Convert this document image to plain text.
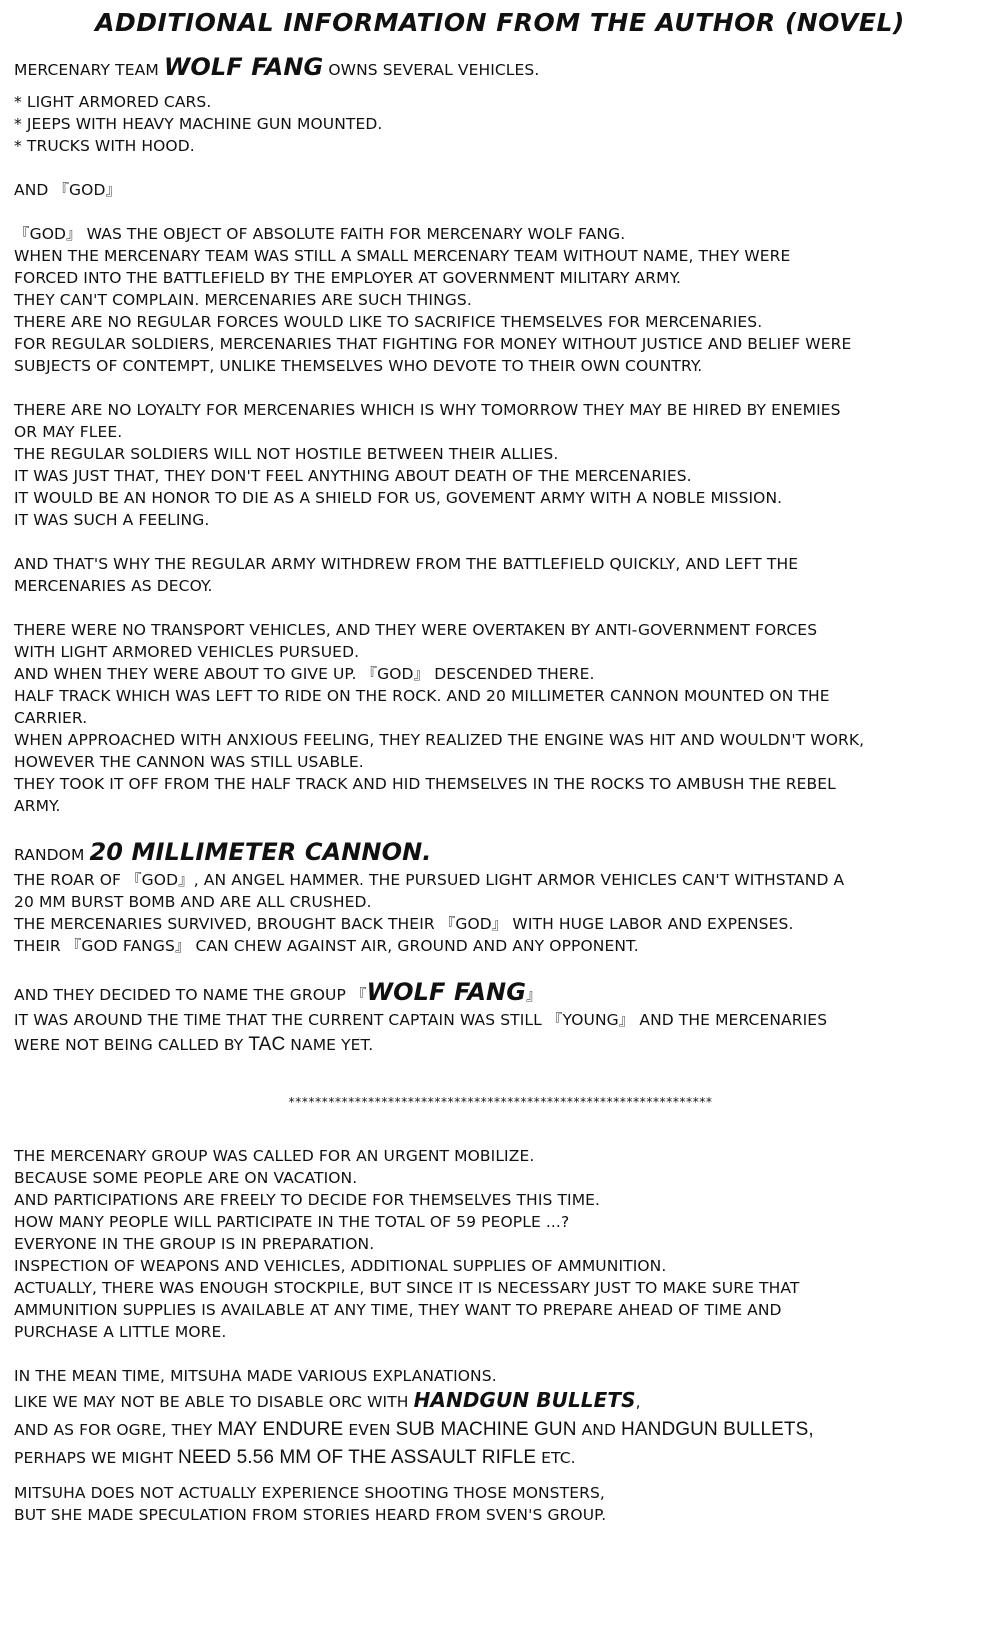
ADDITIONAL INFORMATION FROM THE AUTHOR (NOVEL)
MERCENARY TEAM WOLF FANG OWNS SEVERAL VEHICLES.
* LIGHT ARMORED CARS.
* JEEPS WITH HEAVY MACHINE GUN MOUNTED.
* TRUCKS WITH HOOD.
AND 『GOD』
『GOD』 WAS THE OBJECT OF ABSOLUTE FAITH FOR MERCENARY WOLF FANG.
WHEN THE MERCENARY TEAM WAS STILL A SMALL MERCENARY TEAM WITHOUT NAME, THEY WERE
FORCED INTO THE BATTLEFIELD BY THE EMPLOYER AT GOVERNMENT MILITARY ARMY.
THEY CAN'T COMPLAIN. MERCENARIES ARE SUCH THINGS.
THERE ARE NO REGULAR FORCES WOULD LIKE TO SACRIFICE THEMSELVES FOR MERCENARIES.
FOR REGULAR SOLDIERS, MERCENARIES THAT FIGHTING FOR MONEY WITHOUT JUSTICE AND BELIEF WERE
SUBJECTS OF CONTEMPT, UNLIKE THEMSELVES WHO DEVOTE TO THEIR OWN COUNTRY.
THERE ARE NO LOYALTY FOR MERCENARIES WHICH IS WHY TOMORROW THEY MAY BE HIRED BY ENEMIES
OR MAY FLEE.
THE REGULAR SOLDIERS WILL NOT HOSTILE BETWEEN THEIR ALLIES.
IT WAS JUST THAT, THEY DON'T FEEL ANYTHING ABOUT DEATH OF THE MERCENARIES.
IT WOULD BE AN HONOR TO DIE AS A SHIELD FOR US, GOVEMENT ARMY WITH A NOBLE MISSION.
IT WAS SUCH A FEELING.
AND THAT'S WHY THE REGULAR ARMY WITHDREW FROM THE BATTLEFIELD QUICKLY, AND LEFT THE
MERCENARIES AS DECOY.
THERE WERE NO TRANSPORT VEHICLES, AND THEY WERE OVERTAKEN BY ANTI-GOVERNMENT FORCES
WITH LIGHT ARMORED VEHICLES PURSUED.
AND WHEN THEY WERE ABOUT TO GIVE UP. 『GOD』 DESCENDED THERE.
HALF TRACK WHICH WAS LEFT TO RIDE ON THE ROCK. AND 20 MILLIMETER CANNON MOUNTED ON THE
CARRIER.
WHEN APPROACHED WITH ANXIOUS FEELING, THEY REALIZED THE ENGINE WAS HIT AND WOULDN'T WORK,
HOWEVER THE CANNON WAS STILL USABLE.
THEY TOOK IT OFF FROM THE HALF TRACK AND HID THEMSELVES IN THE ROCKS TO AMBUSH THE REBEL
ARMY.
RANDOM 20 MILLIMETER CANNON.
THE ROAR OF 『GOD』, AN ANGEL HAMMER. THE PURSUED LIGHT ARMOR VEHICLES CAN'T WITHSTAND A
20 MM BURST BOMB AND ARE ALL CRUSHED.
THE MERCENARIES SURVIVED, BROUGHT BACK THEIR 『GOD』 WITH HUGE LABOR AND EXPENSES.
THEIR 『GOD FANGS』 CAN CHEW AGAINST AIR, GROUND AND ANY OPPONENT.
AND THEY DECIDED TO NAME THE GROUP 『WOLF FANG』
IT WAS AROUND THE TIME THAT THE CURRENT CAPTAIN WAS STILL 『YOUNG』 AND THE MERCENARIES
WERE NOT BEING CALLED BY TAC NAME YET.
****************************************************************
THE MERCENARY GROUP WAS CALLED FOR AN URGENT MOBILIZE.
BECAUSE SOME PEOPLE ARE ON VACATION.
AND PARTICIPATIONS ARE FREELY TO DECIDE FOR THEMSELVES THIS TIME.
HOW MANY PEOPLE WILL PARTICIPATE IN THE TOTAL OF 59 PEOPLE ...?
EVERYONE IN THE GROUP IS IN PREPARATION.
INSPECTION OF WEAPONS AND VEHICLES, ADDITIONAL SUPPLIES OF AMMUNITION.
ACTUALLY, THERE WAS ENOUGH STOCKPILE, BUT SINCE IT IS NECESSARY JUST TO MAKE SURE THAT
AMMUNITION SUPPLIES IS AVAILABLE AT ANY TIME, THEY WANT TO PREPARE AHEAD OF TIME AND
PURCHASE A LITTLE MORE.
IN THE MEAN TIME, MITSUHA MADE VARIOUS EXPLANATIONS.
LIKE WE MAY NOT BE ABLE TO DISABLE ORC WITH HANDGUN BULLETS,
AND AS FOR OGRE, THEY MAY ENDURE EVEN SUB MACHINE GUN AND HANDGUN BULLETS,
PERHAPS WE MIGHT NEED 5.56 MM OF THE ASSAULT RIFLE ETC.
MITSUHA DOES NOT ACTUALLY EXPERIENCE SHOOTING THOSE MONSTERS,
BUT SHE MADE SPECULATION FROM STORIES HEARD FROM SVEN'S GROUP.
